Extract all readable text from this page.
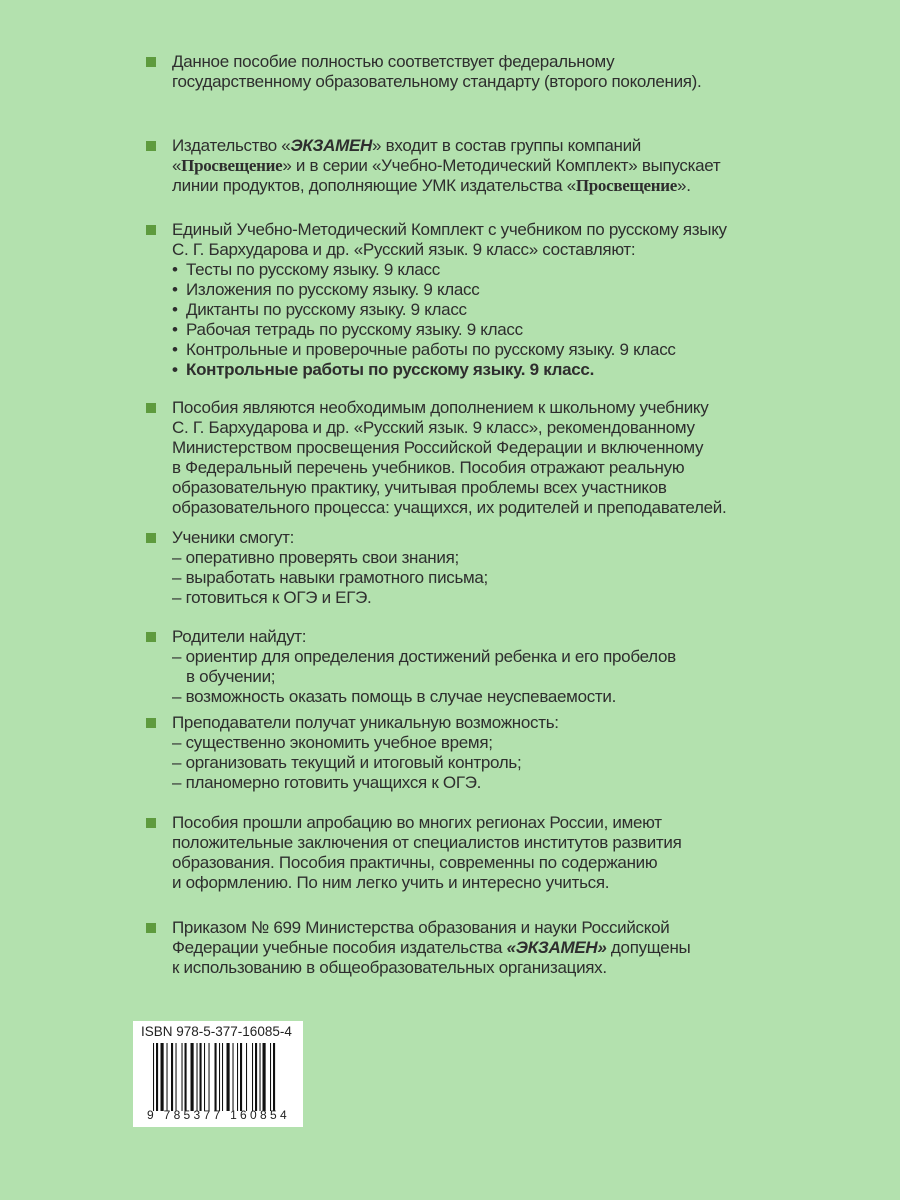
Данное пособие полностью соответствует федеральному
государственному образовательному стандарту (второго поколения).
Издательство «ЭКЗАМЕН» входит в состав группы компаний
«Просвещение» и в серии «Учебно-Методический Комплект» выпускает
линии продуктов, дополняющие УМК издательства «Просвещение».
Единый Учебно-Методический Комплект с учебником по русскому языку
С. Г. Бархударова и др. «Русский язык. 9 класс» составляют:
• Тесты по русскому языку. 9 класс
• Изложения по русскому языку. 9 класс
• Диктанты по русскому языку. 9 класс
• Рабочая тетрадь по русскому языку. 9 класс
• Контрольные и проверочные работы по русскому языку. 9 класс
• Контрольные работы по русскому языку. 9 класс.
Пособия являются необходимым дополнением к школьному учебнику
С. Г. Бархударова и др. «Русский язык. 9 класс», рекомендованному
Министерством просвещения Российской Федерации и включенному
в Федеральный перечень учебников. Пособия отражают реальную
образовательную практику, учитывая проблемы всех участников
образовательного процесса: учащихся, их родителей и преподавателей.
Ученики смогут:
– оперативно проверять свои знания;
– выработать навыки грамотного письма;
– готовиться к ОГЭ и ЕГЭ.
Родители найдут:
– ориентир для определения достижений ребенка и его пробелов
в обучении;
– возможность оказать помощь в случае неуспеваемости.
Преподаватели получат уникальную возможность:
– существенно экономить учебное время;
– организовать текущий и итоговый контроль;
– планомерно готовить учащихся к ОГЭ.
Пособия прошли апробацию во многих регионах России, имеют
положительные заключения от специалистов институтов развития
образования. Пособия практичны, современны по содержанию
и оформлению. По ним легко учить и интересно учиться.
Приказом № 699 Министерства образования и науки Российской
Федерации учебные пособия издательства «ЭКЗАМЕН» допущены
к использованию в общеобразовательных организациях.
ISBN 978-5-377-16085-4
9 785377 160854
